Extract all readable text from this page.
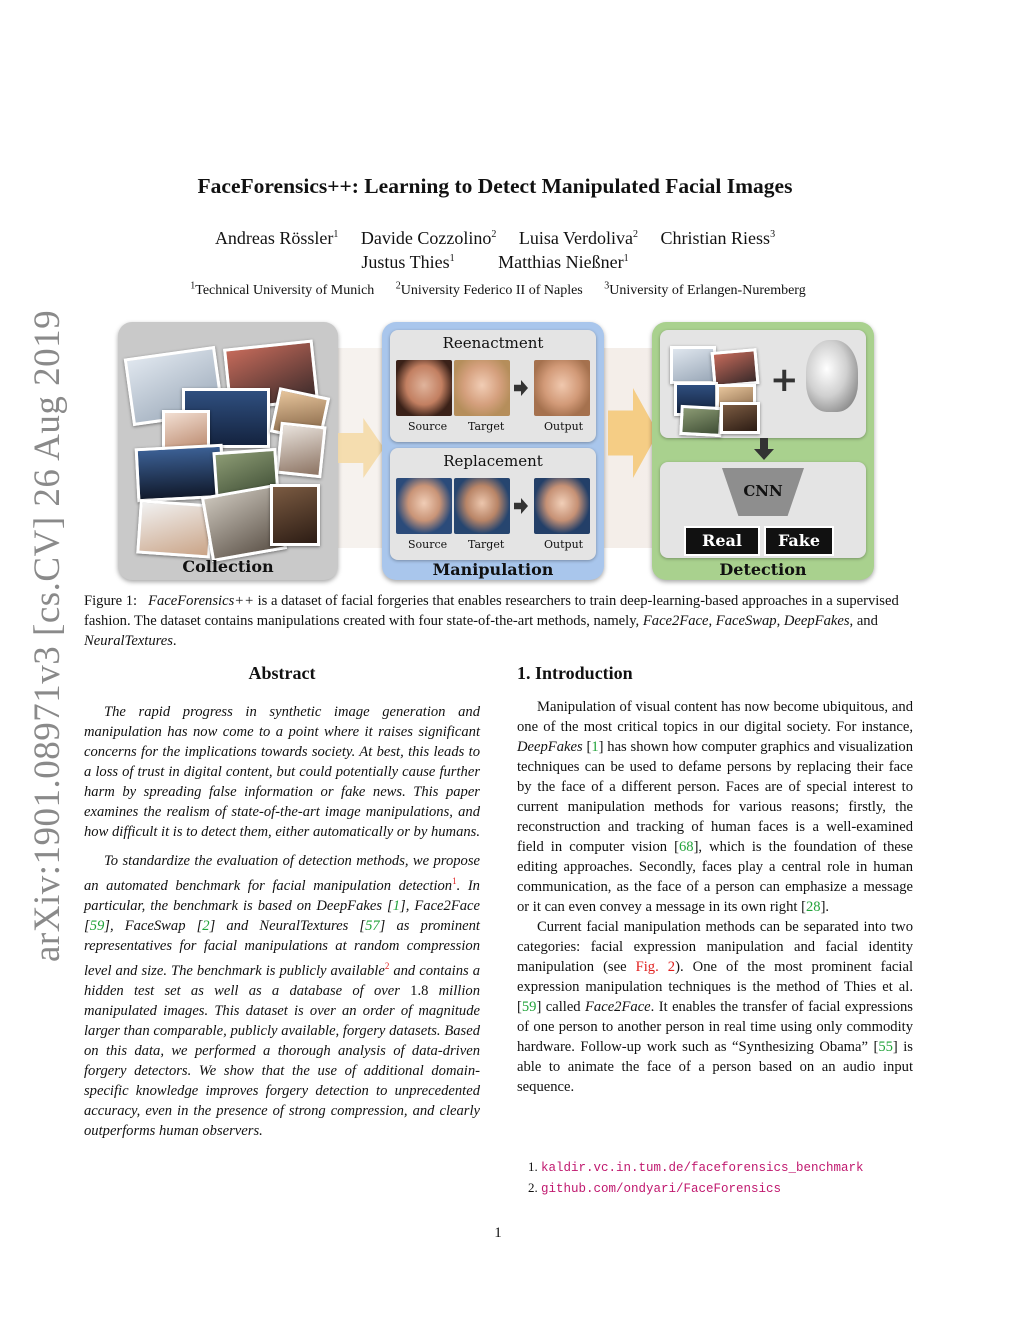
arXiv:1901.08971v3 [cs.CV] 26 Aug 2019
FaceForensics++: Learning to Detect Manipulated Facial Images
Andreas Rössler$^1$ Davide Cozzolino$^2$ Luisa Verdoliva$^2$ Christian Riess$^3$
Justus Thies$^1$ Matthias Nießner$^1$
$^1$Technical University of Munich $^2$University Federico II of Naples $^3$University of Erlangen-Nuremberg
Collection
Reenactment
Source Target	Output
Replacement
Source Target	Output
Manipulation
+
CNN
Real	Fake
Detection
Figure 1: FaceForensics++ is a dataset of facial forgeries that enables researchers to train deep-learning-based approaches in a supervised fashion. The dataset contains manipulations created with four state-of-the-art methods, namely, Face2Face, FaceSwap, DeepFakes, and NeuralTextures.
Abstract

The rapid progress in synthetic image generation and manipulation has now come to a point where it raises significant concerns for the implications towards society. At best, this leads to a loss of trust in digital content, but could potentially cause further harm by spreading false information or fake news. This paper examines the realism of state-of-the-art image manipulations, and how difficult it is to detect them, either automatically or by humans.

To standardize the evaluation of detection methods, we propose an automated benchmark for facial manipulation detection$^1$. In particular, the benchmark is based on DeepFakes [1], Face2Face [59], FaceSwap [2] and NeuralTextures [57] as prominent representatives for facial manipulations at random compression level and size. The benchmark is publicly available$^2$ and contains a hidden test set as well as a database of over 1.8 million manipulated images. This dataset is over an order of magnitude larger than comparable, publicly available, forgery datasets. Based on this data, we performed a thorough analysis of data-driven forgery detectors. We show that the use of additional domain-specific knowledge improves forgery detection to unprecedented accuracy, even in the presence of strong compression, and clearly outperforms human observers.

1. Introduction

Manipulation of visual content has now become ubiquitous, and one of the most critical topics in our digital society. For instance, DeepFakes [1] has shown how computer graphics and visualization techniques can be used to defame persons by replacing their face by the face of a different person. Faces are of special interest to current manipulation methods for various reasons; firstly, the reconstruction and tracking of human faces is a well-examined field in computer vision [68], which is the foundation of these editing approaches. Secondly, faces play a central role in human communication, as the face of a person can emphasize a message or it can even convey a message in its own right [28].

Current facial manipulation methods can be separated into two categories: facial expression manipulation and facial identity manipulation (see Fig. 2). One of the most prominent facial expression manipulation techniques is the method of Thies et al. [59] called Face2Face. It enables the transfer of facial expressions of one person to another person in real time using only commodity hardware. Follow-up work such as “Synthesizing Obama” [55] is able to animate the face of a person based on an audio input sequence.

1. kaldir.vc.in.tum.de/faceforensics_benchmark
2. github.com/ondyari/FaceForensics
1
